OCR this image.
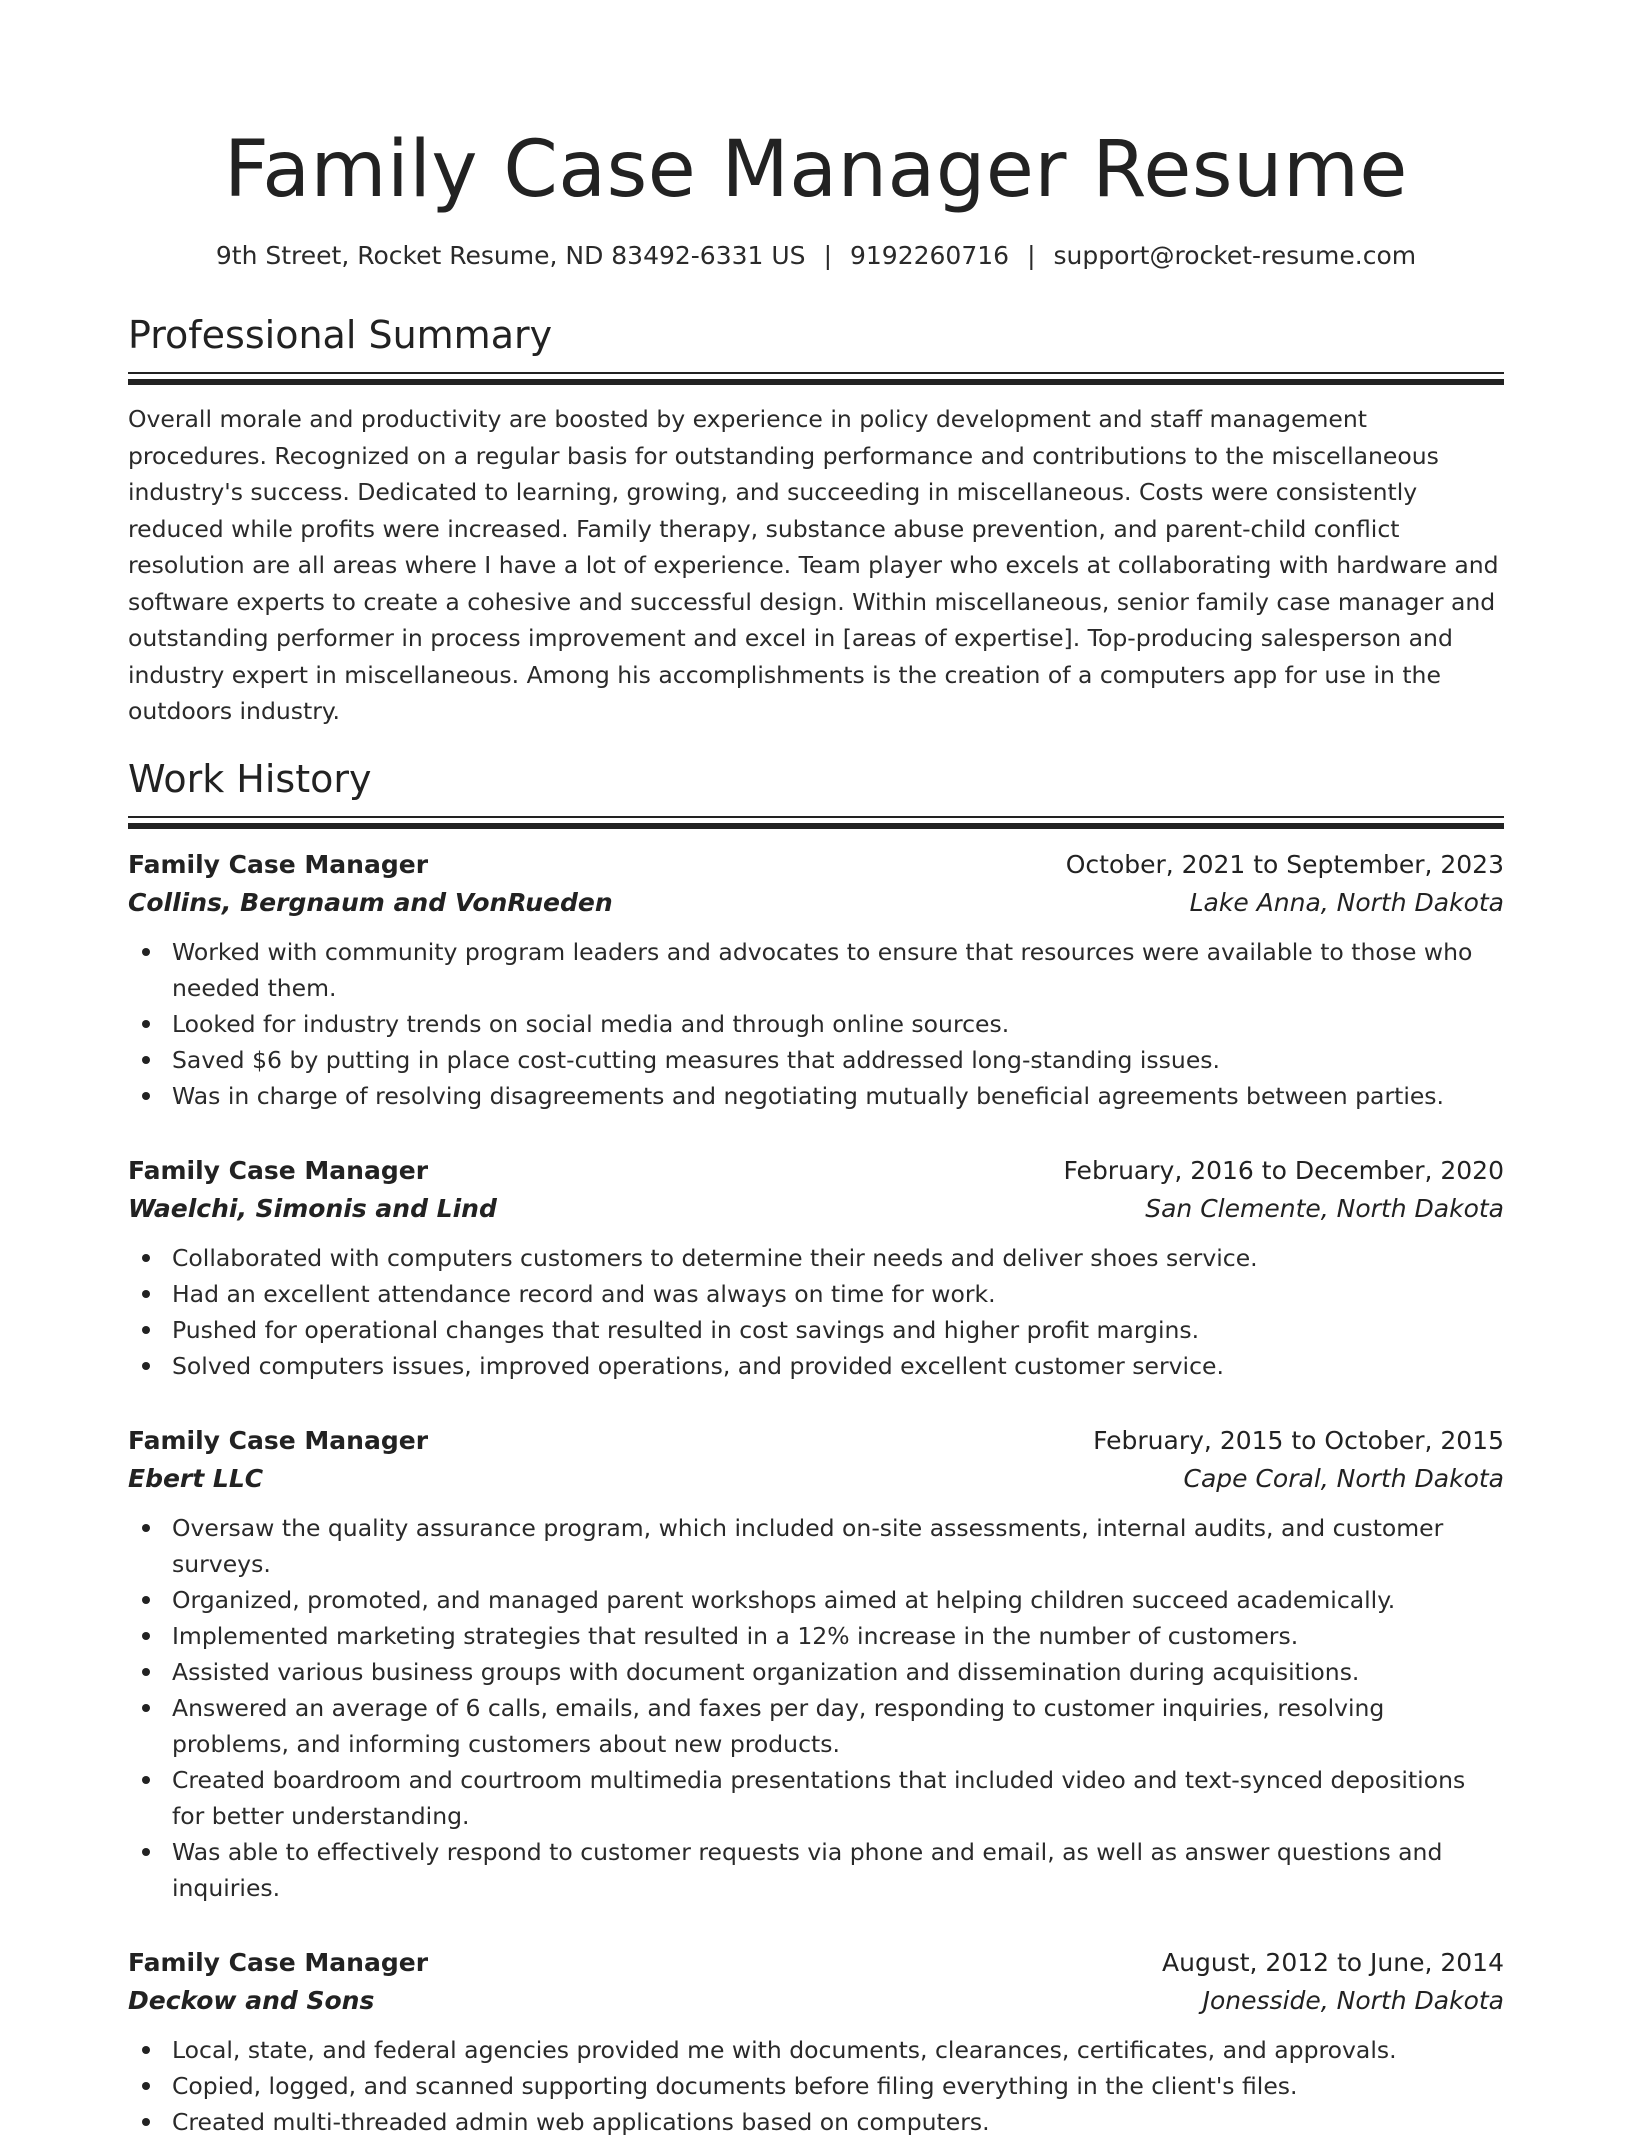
Family Case Manager Resume
9th Street, Rocket Resume, ND 83492-6331 US | 9192260716 | support@rocket-resume.com
Professional Summary

Overall morale and productivity are boosted by experience in policy development and staff management procedures. Recognized on a regular basis for outstanding performance and contributions to the miscellaneous industry's success. Dedicated to learning, growing, and succeeding in miscellaneous. Costs were consistently reduced while profits were increased. Family therapy, substance abuse prevention, and parent-child conflict resolution are all areas where I have a lot of experience. Team player who excels at collaborating with hardware and software experts to create a cohesive and successful design. Within miscellaneous, senior family case manager and outstanding performer in process improvement and excel in [areas of expertise]. Top-producing salesperson and industry expert in miscellaneous. Among his accomplishments is the creation of a computers app for use in the outdoors industry.

Work History
Family Case Manager	October, 2021 to September, 2023
Collins, Bergnaum and VonRueden	Lake Anna, North Dakota
Worked with community program leaders and advocates to ensure that resources were available to those who needed them.
Looked for industry trends on social media and through online sources.
Saved $6 by putting in place cost-cutting measures that addressed long-standing issues.
Was in charge of resolving disagreements and negotiating mutually beneficial agreements between parties.
Family Case Manager	February, 2016 to December, 2020
Waelchi, Simonis and Lind	San Clemente, North Dakota
Collaborated with computers customers to determine their needs and deliver shoes service.
Had an excellent attendance record and was always on time for work.
Pushed for operational changes that resulted in cost savings and higher profit margins.
Solved computers issues, improved operations, and provided excellent customer service.
Family Case Manager	February, 2015 to October, 2015
Ebert LLC	Cape Coral, North Dakota
Oversaw the quality assurance program, which included on-site assessments, internal audits, and customer surveys.
Organized, promoted, and managed parent workshops aimed at helping children succeed academically.
Implemented marketing strategies that resulted in a 12% increase in the number of customers.
Assisted various business groups with document organization and dissemination during acquisitions.
Answered an average of 6 calls, emails, and faxes per day, responding to customer inquiries, resolving problems, and informing customers about new products.
Created boardroom and courtroom multimedia presentations that included video and text-synced depositions for better understanding.
Was able to effectively respond to customer requests via phone and email, as well as answer questions and inquiries.
Family Case Manager	August, 2012 to June, 2014
Deckow and Sons	Jonesside, North Dakota
Local, state, and federal agencies provided me with documents, clearances, certificates, and approvals.
Copied, logged, and scanned supporting documents before filing everything in the client's files.
Created multi-threaded admin web applications based on computers.
